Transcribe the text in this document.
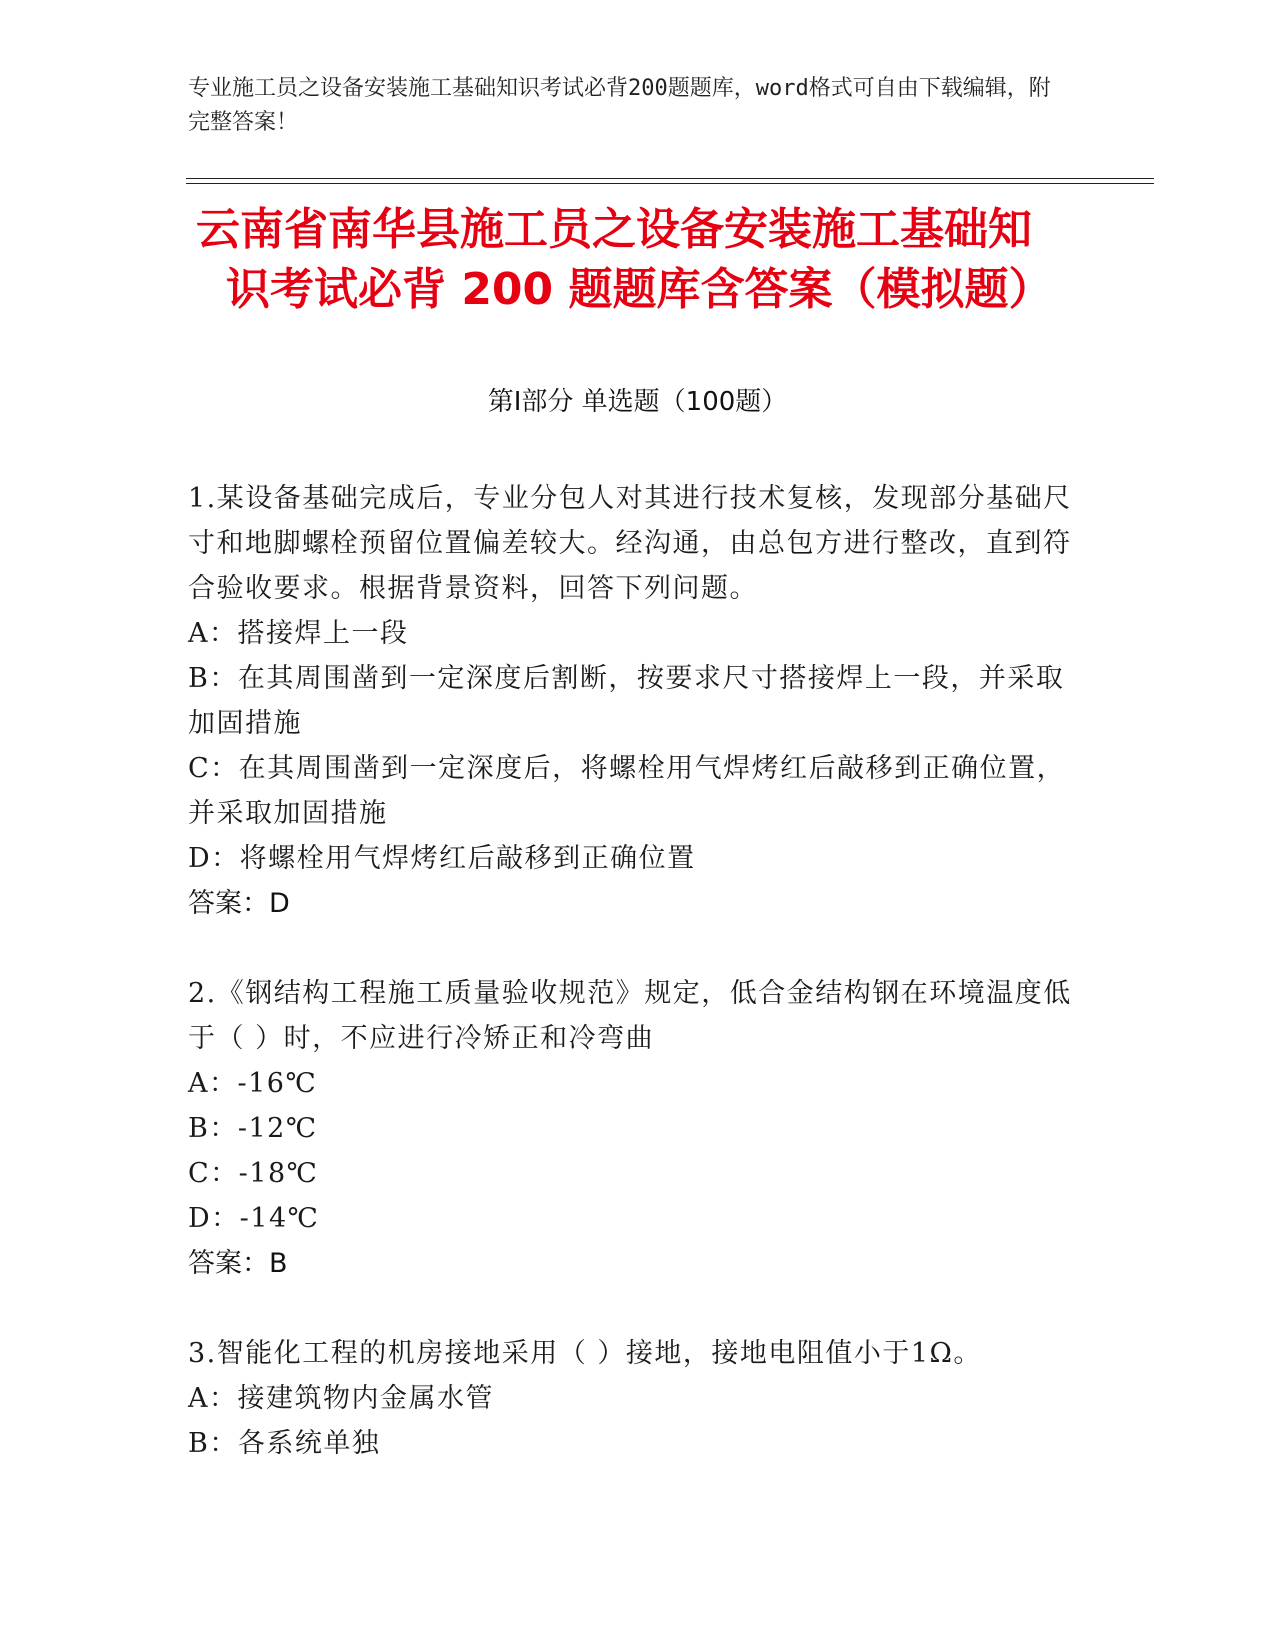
专业施工员之设备安装施工基础知识考试必背200题题库，word格式可自由下载编辑，附完整答案！
云南省南华县施工员之设备安装施工基础知
识考试必背 200 题题库含答案（模拟题）
第Ⅰ部分 单选题（100题）

1.某设备基础完成后，专业分包人对其进行技术复核，发现部分基础尺寸和地脚螺栓预留位置偏差较大。经沟通，由总包方进行整改，直到符合验收要求。根据背景资料，回答下列问题。

A：搭接焊上一段

B：在其周围凿到一定深度后割断，按要求尺寸搭接焊上一段，并采取加固措施

C：在其周围凿到一定深度后，将螺栓用气焊烤红后敲移到正确位置，并采取加固措施

D：将螺栓用气焊烤红后敲移到正确位置

答案：D

2.《钢结构工程施工质量验收规范》规定，低合金结构钢在环境温度低于（ ）时，不应进行冷矫正和冷弯曲

A：-16℃

B：-12℃

C：-18℃

D：-14℃

答案：B

3.智能化工程的机房接地采用（ ）接地，接地电阻值小于1Ω。

A：接建筑物内金属水管

B：各系统单独
